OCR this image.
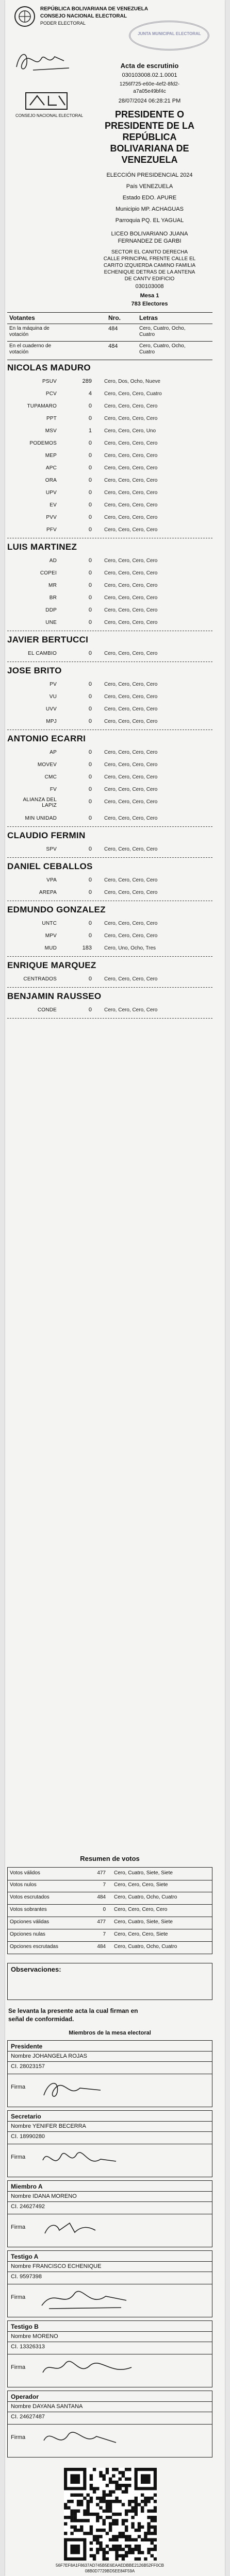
REPÚBLICA BOLIVARIANA DE VENEZUELA
CONSEJO NACIONAL ELECTORAL
PODER ELECTORAL
JUNTA MUNICIPAL ELECTORAL
CONSEJO NACIONAL ELECTORAL
Acta de escrutinio
030103008.02.1.0001
1256f725-e60e-4ef2-8fd2-
a7a05e49bf4c
28/07/2024 06:28:21 PM
PRESIDENTE O
PRESIDENTE DE LA
REPÚBLICA
BOLIVARIANA DE
VENEZUELA
ELECCIÓN PRESIDENCIAL 2024
País VENEZUELA
Estado EDO. APURE
Municipio MP. ACHAGUAS
Parroquia PQ. EL YAGUAL
LICEO BOLIVARIANO JUANA
FERNANDEZ DE GARBI
SECTOR EL CANITO DERECHA
CALLE PRINCIPAL FRENTE CALLE EL
CARITO IZQUIERDA CAMINO FAMILIA
ECHENIQUE DETRAS DE LA ANTENA
DE CANTV EDIFICIO
030103008
Mesa 1
783 Electores
Votantes	Nro.	Letras
En la máquina de
votación
484	Cero, Cuatro, Ocho,
Cuatro
En el cuaderno de
votación
484	Cero, Cuatro, Ocho,
Cuatro
NICOLAS MADURO
PSUV	289 Cero, Dos, Ocho, Nueve
PCV	4 Cero, Cero, Cero, Cuatro
TUPAMARO	0 Cero, Cero, Cero, Cero
PPT	0 Cero, Cero, Cero, Cero
MSV	1 Cero, Cero, Cero, Uno
PODEMOS	0 Cero, Cero, Cero, Cero
MEP	0 Cero, Cero, Cero, Cero
APC	0 Cero, Cero, Cero, Cero
ORA	0 Cero, Cero, Cero, Cero
UPV	0 Cero, Cero, Cero, Cero
EV	0 Cero, Cero, Cero, Cero
PVV	0 Cero, Cero, Cero, Cero
PFV	0 Cero, Cero, Cero, Cero
LUIS MARTINEZ
AD	0 Cero, Cero, Cero, Cero
COPEI	0 Cero, Cero, Cero, Cero
MR	0 Cero, Cero, Cero, Cero
BR	0 Cero, Cero, Cero, Cero
DDP	0 Cero, Cero, Cero, Cero
UNE	0 Cero, Cero, Cero, Cero
JAVIER BERTUCCI
EL CAMBIO	0 Cero, Cero, Cero, Cero
JOSE BRITO
PV	0 Cero, Cero, Cero, Cero
VU	0 Cero, Cero, Cero, Cero
UVV	0 Cero, Cero, Cero, Cero
MPJ	0 Cero, Cero, Cero, Cero
ANTONIO ECARRI
AP	0 Cero, Cero, Cero, Cero
MOVEV	0 Cero, Cero, Cero, Cero
CMC	0 Cero, Cero, Cero, Cero
FV	0 Cero, Cero, Cero, Cero
ALIANZA DEL LAPIZ
0 Cero, Cero, Cero, Cero
MIN UNIDAD	0 Cero, Cero, Cero, Cero
CLAUDIO FERMIN
SPV	0 Cero, Cero, Cero, Cero
DANIEL CEBALLOS
VPA	0 Cero, Cero, Cero, Cero
AREPA	0 Cero, Cero, Cero, Cero
EDMUNDO GONZALEZ
UNTC	0 Cero, Cero, Cero, Cero
MPV	0 Cero, Cero, Cero, Cero
MUD	183 Cero, Uno, Ocho, Tres
ENRIQUE MARQUEZ
CENTRADOS	0 Cero, Cero, Cero, Cero
BENJAMIN RAUSSEO
CONDE	0 Cero, Cero, Cero, Cero
Resumen de votos
Votos válidos	477 Cero, Cuatro, Siete, Siete
Votos nulos	7 Cero, Cero, Cero, Siete
Votos escrutados	484 Cero, Cuatro, Ocho, Cuatro
Votos sobrantes	0 Cero, Cero, Cero, Cero
Opciones válidas	477 Cero, Cuatro, Siete, Siete
Opciones nulas	7 Cero, Cero, Cero, Siete
Opciones escrutadas	484 Cero, Cuatro, Ocho, Cuatro
Observaciones:
Se levanta la presente acta la cual firman en
señal de conformidad.
Miembros de la mesa electoral
Presidente
Nombre JOHANGELA ROJAS
CI. 28023157
Firma
Secretario
Nombre YENIFER BECERRA
CI. 18990280
Firma
Miembro A
Nombre IDANA MORENO
CI. 24627492
Firma
Testigo A
Nombre FRANCISCO ECHENIQUE
CI. 9597398
Firma
Testigo B
Nombre MORENO
CI. 13326313
Firma
Operador
Nombre DAYANA SANTANA
CI. 24627487
Firma
56F7EF8A1F8637AD745B5E6EAAEDBBE2126B52FF0CB
08B0D7729BD5EE84F59A
